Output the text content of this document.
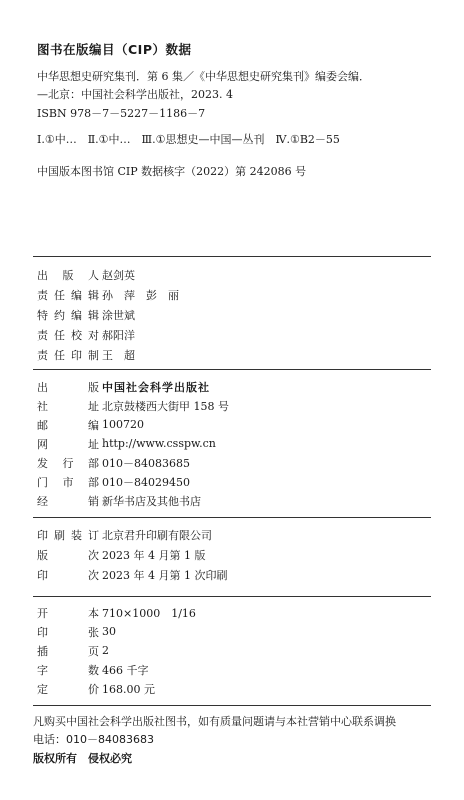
图书在版编目（CIP）数据
中华思想史研究集刊．第 6 集／《中华思想史研究集刊》编委会编．
—北京：中国社会科学出版社，2023. 4
ISBN 978－7－5227－1186－7
Ⅰ.①中…　Ⅱ.①中…　Ⅲ.①思想史—中国—丛刊　Ⅳ.①B2－55
中国版本图书馆 CIP 数据核字（2022）第 242086 号
出 版 人 赵剑英
责 任 编 辑 孙　萍　彭　丽
特 约 编 辑 涂世斌
责 任 校 对 郝阳洋
责 任 印 制 王　超
出	版 中国社会科学出版社
社	址 北京鼓楼西大街甲 158 号
邮	编 100720
网	址 http://www.csspw.cn
发 行 部 010－84083685
门 市 部 010－84029450
经	销 新华书店及其他书店
印 刷 装 订 北京君升印刷有限公司
版	次 2023 年 4 月第 1 版
印	次 2023 年 4 月第 1 次印刷
开	本 710×1000　1/16
印	张 30
插	页 2
字	数 466 千字
定	价 168.00 元
凡购买中国社会科学出版社图书，如有质量问题请与本社营销中心联系调换
电话：010－84083683
版权所有　侵权必究
